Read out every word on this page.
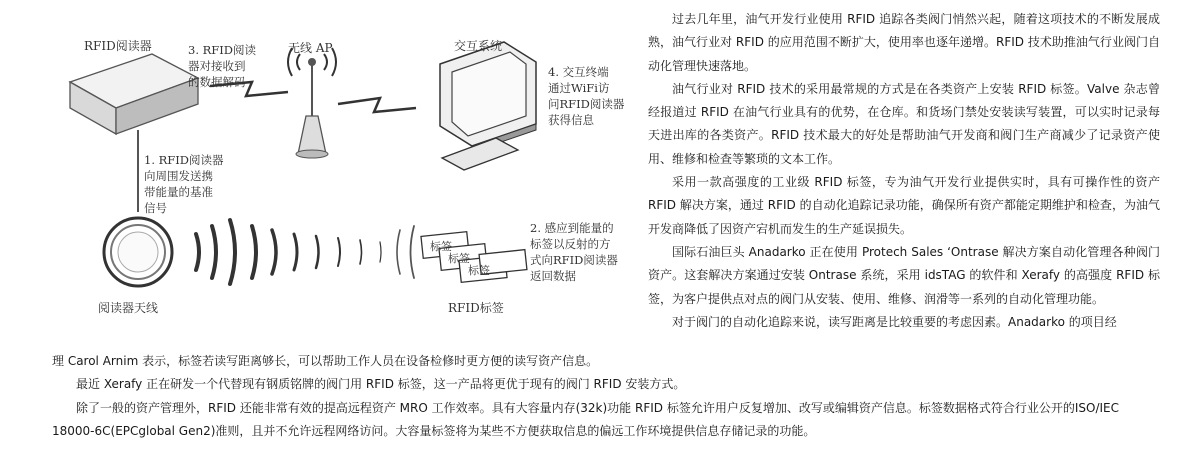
RFID阅读器
阅读器天线
标签
标签
标签
RFID标签
无线 AP	交互系统
3. RFID阅读 器对接收到 的数据解码
4. 交互终端 通过WiFi访 问RFID阅读器 获得信息
1. RFID阅读器 向周围发送携 带能量的基准 信号
2. 感应到能量的 标签以反射的方 式向RFID阅读器 返回数据

过去几年里，油气开发行业使用 RFID 追踪各类阀门悄然兴起，随着这项技术的不断发展成熟，油气行业对 RFID 的应用范围不断扩大，使用率也逐年递增。RFID 技术助推油气行业阀门自动化管理快速落地。

油气行业对 RFID 技术的采用最常规的方式是在各类资产上安装 RFID 标签。Valve 杂志曾经报道过 RFID 在油气行业具有的优势，在仓库。和货场门禁处安装读写装置，可以实时记录每天进出库的各类资产。RFID 技术最大的好处是帮助油气开发商和阀门生产商减少了记录资产使用、维修和检查等繁琐的文本工作。

采用一款高强度的工业级 RFID 标签，专为油气开发行业提供实时，具有可操作性的资产 RFID 解决方案，通过 RFID 的自动化追踪记录功能，确保所有资产都能定期维护和检查，为油气开发商降低了因资产宕机而发生的生产延误损失。

国际石油巨头 Anadarko 正在使用 Protech Sales ‘Ontrase 解决方案自动化管理各种阀门资产。这套解决方案通过安装 Ontrase 系统，采用 idsTAG 的软件和 Xerafy 的高强度 RFID 标签，为客户提供点对点的阀门从安装、使用、维修、润滑等一系列的自动化管理功能。

对于阀门的自动化追踪来说，读写距离是比较重要的考虑因素。Anadarko 的项目经

理 Carol Arnim 表示，标签若读写距离够长，可以帮助工作人员在设备检修时更方便的读写资产信息。

最近 Xerafy 正在研发一个代替现有钢质铭牌的阀门用 RFID 标签，这一产品将更优于现有的阀门 RFID 安装方式。

除了一般的资产管理外，RFID 还能非常有效的提高远程资产 MRO 工作效率。具有大容量内存(32k)功能 RFID 标签允许用户反复增加、改写或编辑资产信息。标签数据格式符合行业公开的ISO/IEC 18000-6C(EPCglobal Gen2)准则，且并不允许远程网络访问。大容量标签将为某些不方便获取信息的偏远工作环境提供信息存储记录的功能。
